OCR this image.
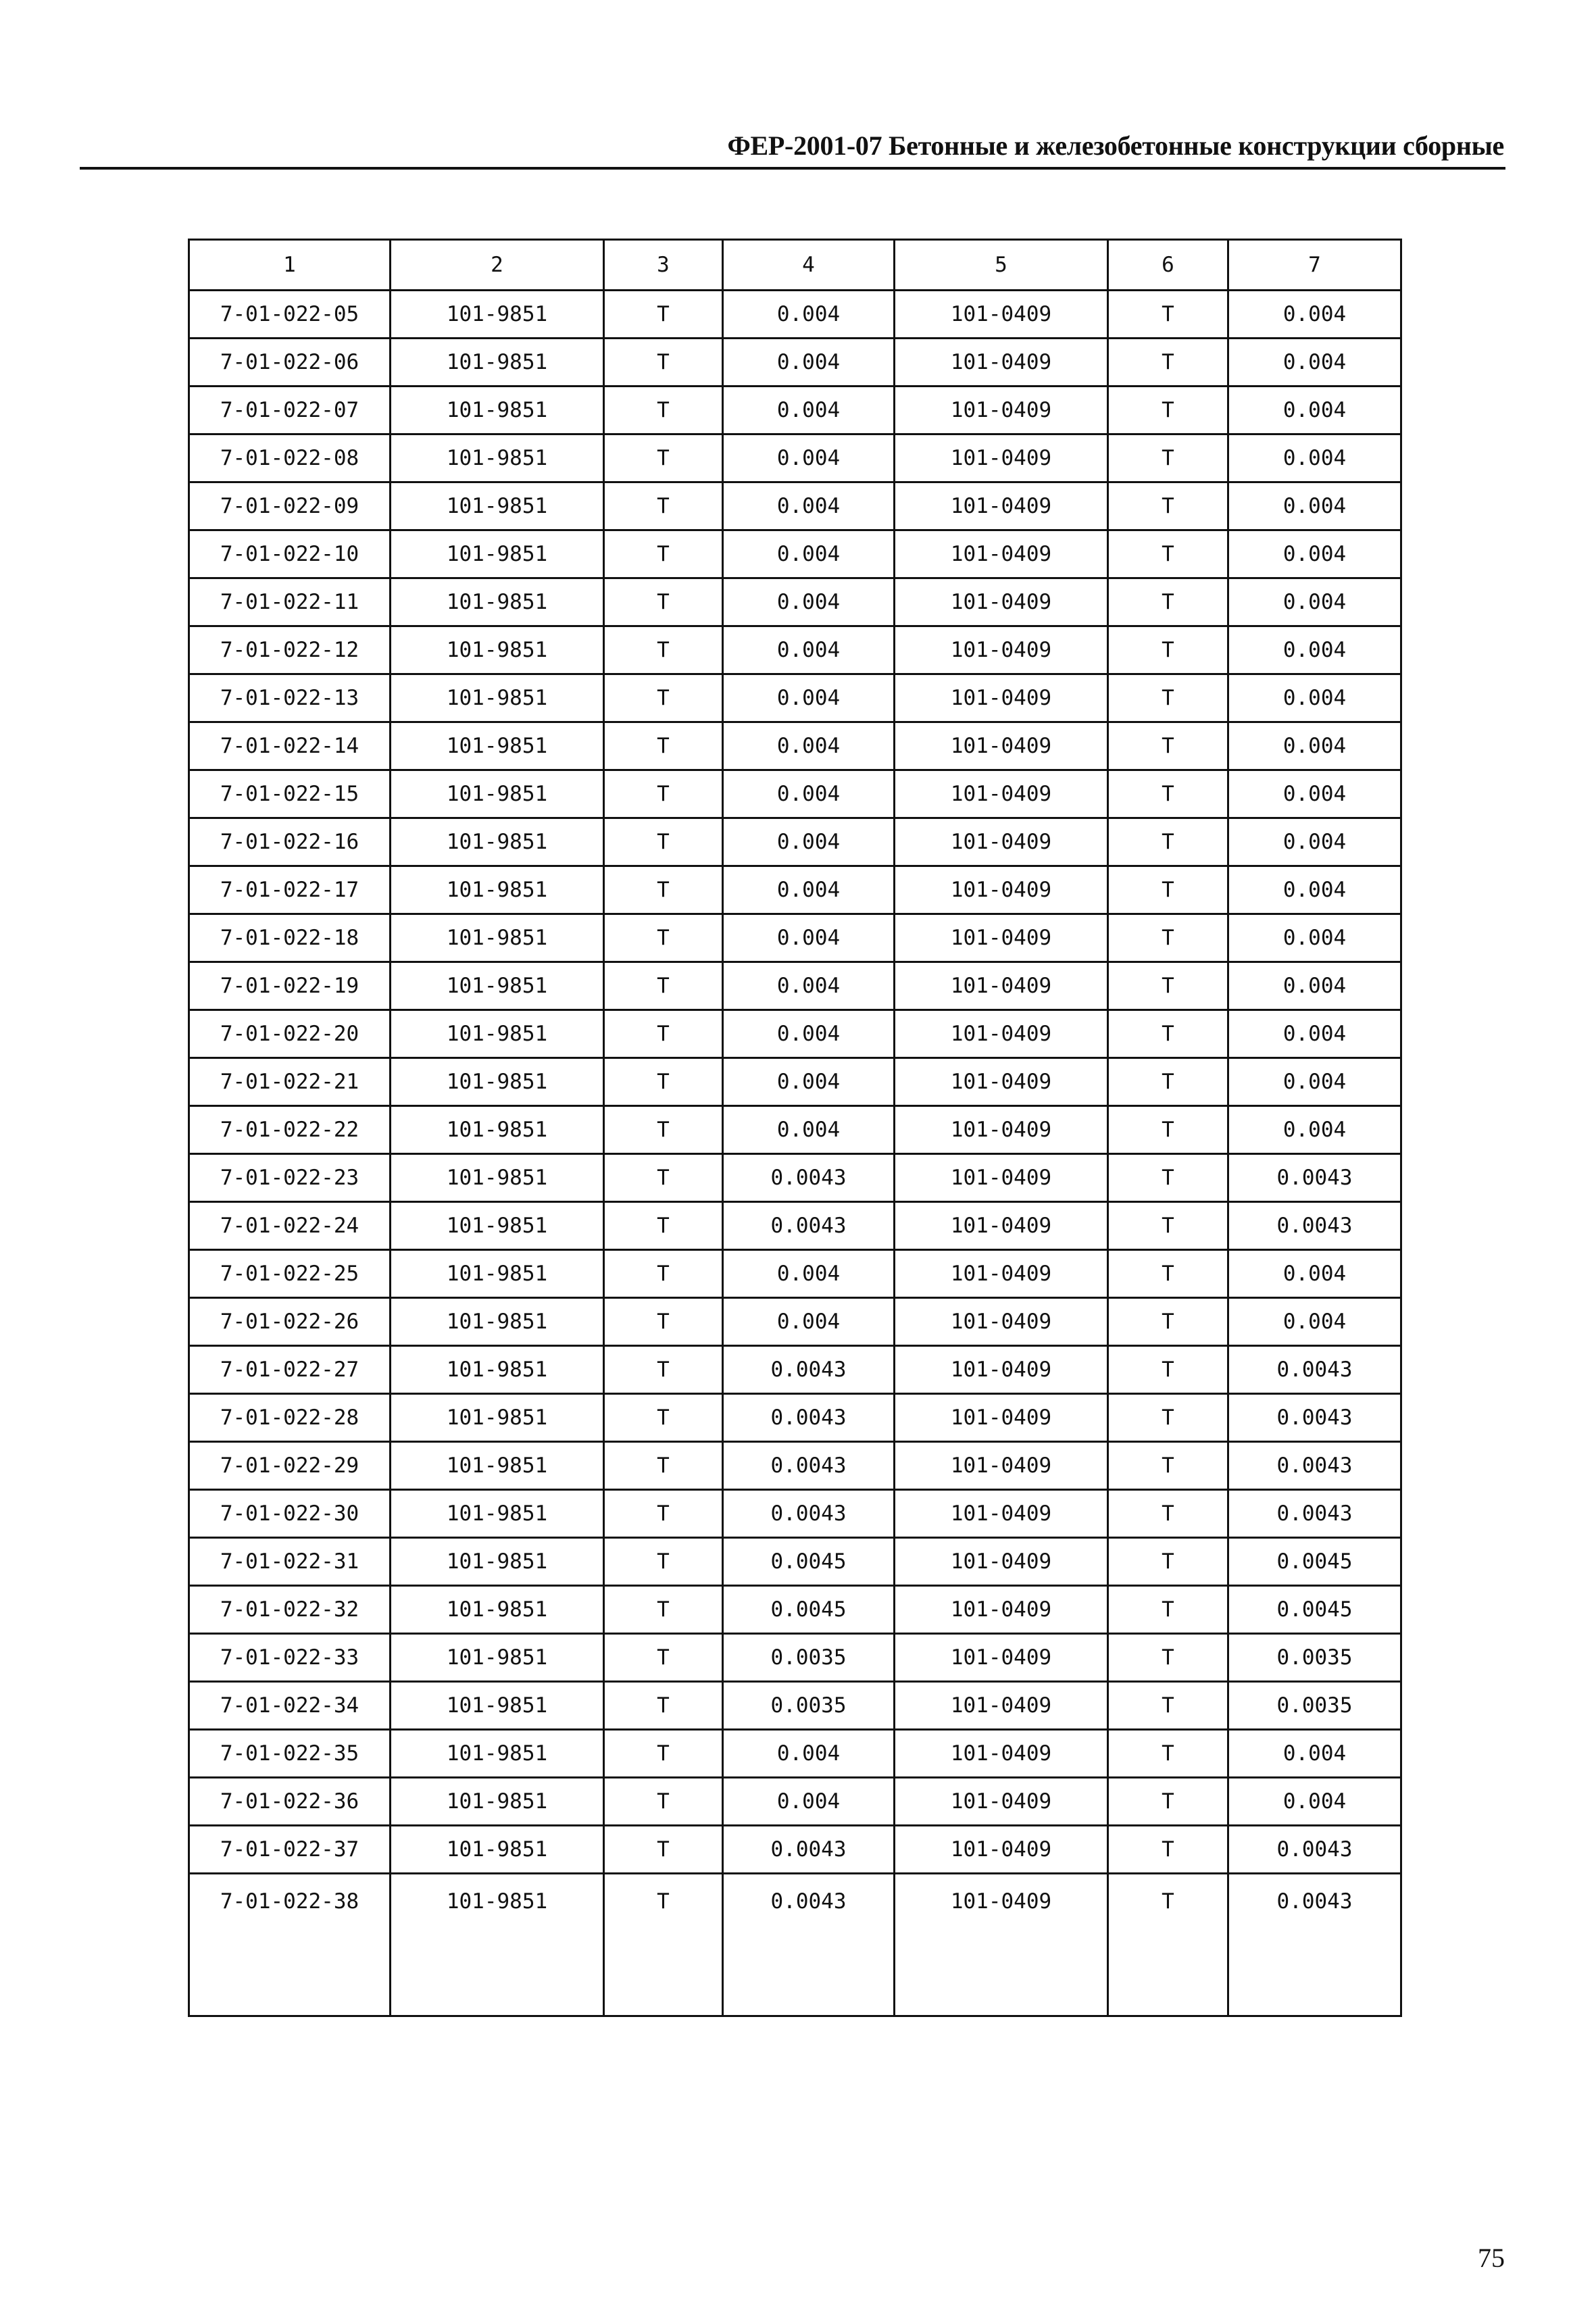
ФЕР-2001-07 Бетонные и железобетонные конструкции сборные
1	2	3	4	5	6	7
7-01-022-05	101-9851	Т	0.004	101-0409	Т	0.004
7-01-022-06	101-9851	Т	0.004	101-0409	Т	0.004
7-01-022-07	101-9851	Т	0.004	101-0409	Т	0.004
7-01-022-08	101-9851	Т	0.004	101-0409	Т	0.004
7-01-022-09	101-9851	Т	0.004	101-0409	Т	0.004
7-01-022-10	101-9851	Т	0.004	101-0409	Т	0.004
7-01-022-11	101-9851	Т	0.004	101-0409	Т	0.004
7-01-022-12	101-9851	Т	0.004	101-0409	Т	0.004
7-01-022-13	101-9851	Т	0.004	101-0409	Т	0.004
7-01-022-14	101-9851	Т	0.004	101-0409	Т	0.004
7-01-022-15	101-9851	Т	0.004	101-0409	Т	0.004
7-01-022-16	101-9851	Т	0.004	101-0409	Т	0.004
7-01-022-17	101-9851	Т	0.004	101-0409	Т	0.004
7-01-022-18	101-9851	Т	0.004	101-0409	Т	0.004
7-01-022-19	101-9851	Т	0.004	101-0409	Т	0.004
7-01-022-20	101-9851	Т	0.004	101-0409	Т	0.004
7-01-022-21	101-9851	Т	0.004	101-0409	Т	0.004
7-01-022-22	101-9851	Т	0.004	101-0409	Т	0.004
7-01-022-23	101-9851	Т	0.0043	101-0409	Т	0.0043
7-01-022-24	101-9851	Т	0.0043	101-0409	Т	0.0043
7-01-022-25	101-9851	Т	0.004	101-0409	Т	0.004
7-01-022-26	101-9851	Т	0.004	101-0409	Т	0.004
7-01-022-27	101-9851	Т	0.0043	101-0409	Т	0.0043
7-01-022-28	101-9851	Т	0.0043	101-0409	Т	0.0043
7-01-022-29	101-9851	Т	0.0043	101-0409	Т	0.0043
7-01-022-30	101-9851	Т	0.0043	101-0409	Т	0.0043
7-01-022-31	101-9851	Т	0.0045	101-0409	Т	0.0045
7-01-022-32	101-9851	Т	0.0045	101-0409	Т	0.0045
7-01-022-33	101-9851	Т	0.0035	101-0409	Т	0.0035
7-01-022-34	101-9851	Т	0.0035	101-0409	Т	0.0035
7-01-022-35	101-9851	Т	0.004	101-0409	Т	0.004
7-01-022-36	101-9851	Т	0.004	101-0409	Т	0.004
7-01-022-37	101-9851	Т	0.0043	101-0409	Т	0.0043
7-01-022-38	101-9851	Т	0.0043	101-0409	Т	0.0043
75
